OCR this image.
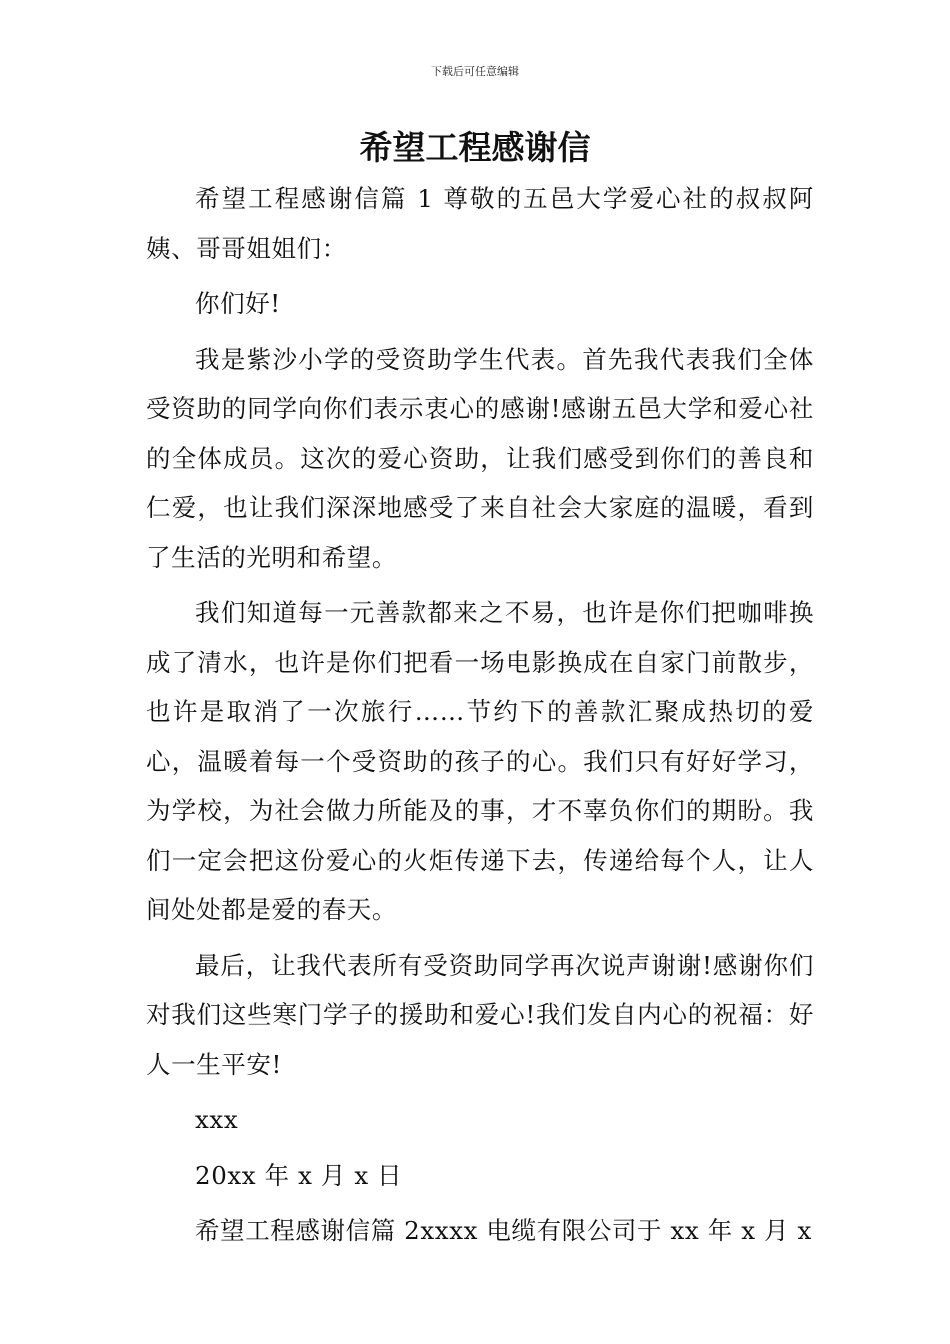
下载后可任意编辑
希望工程感谢信

希望工程感谢信篇 1 尊敬的五邑大学爱心社的叔叔阿姨、哥哥姐姐们：

你们好!

我是紫沙小学的受资助学生代表。首先我代表我们全体受资助的同学向你们表示衷心的感谢!感谢五邑大学和爱心社的全体成员。这次的爱心资助，让我们感受到你们的善良和仁爱，也让我们深深地感受了来自社会大家庭的温暖，看到了生活的光明和希望。

我们知道每一元善款都来之不易，也许是你们把咖啡换成了清水，也许是你们把看一场电影换成在自家门前散步，也许是取消了一次旅行……节约下的善款汇聚成热切的爱心，温暖着每一个受资助的孩子的心。我们只有好好学习，为学校，为社会做力所能及的事，才不辜负你们的期盼。我们一定会把这份爱心的火炬传递下去，传递给每个人，让人间处处都是爱的春天。

最后，让我代表所有受资助同学再次说声谢谢!感谢你们对我们这些寒门学子的援助和爱心!我们发自内心的祝福：好人一生平安!

xxx

20xx 年 x 月 x 日

希望工程感谢信篇 2xxxx 电缆有限公司于 xx 年 x 月 x
